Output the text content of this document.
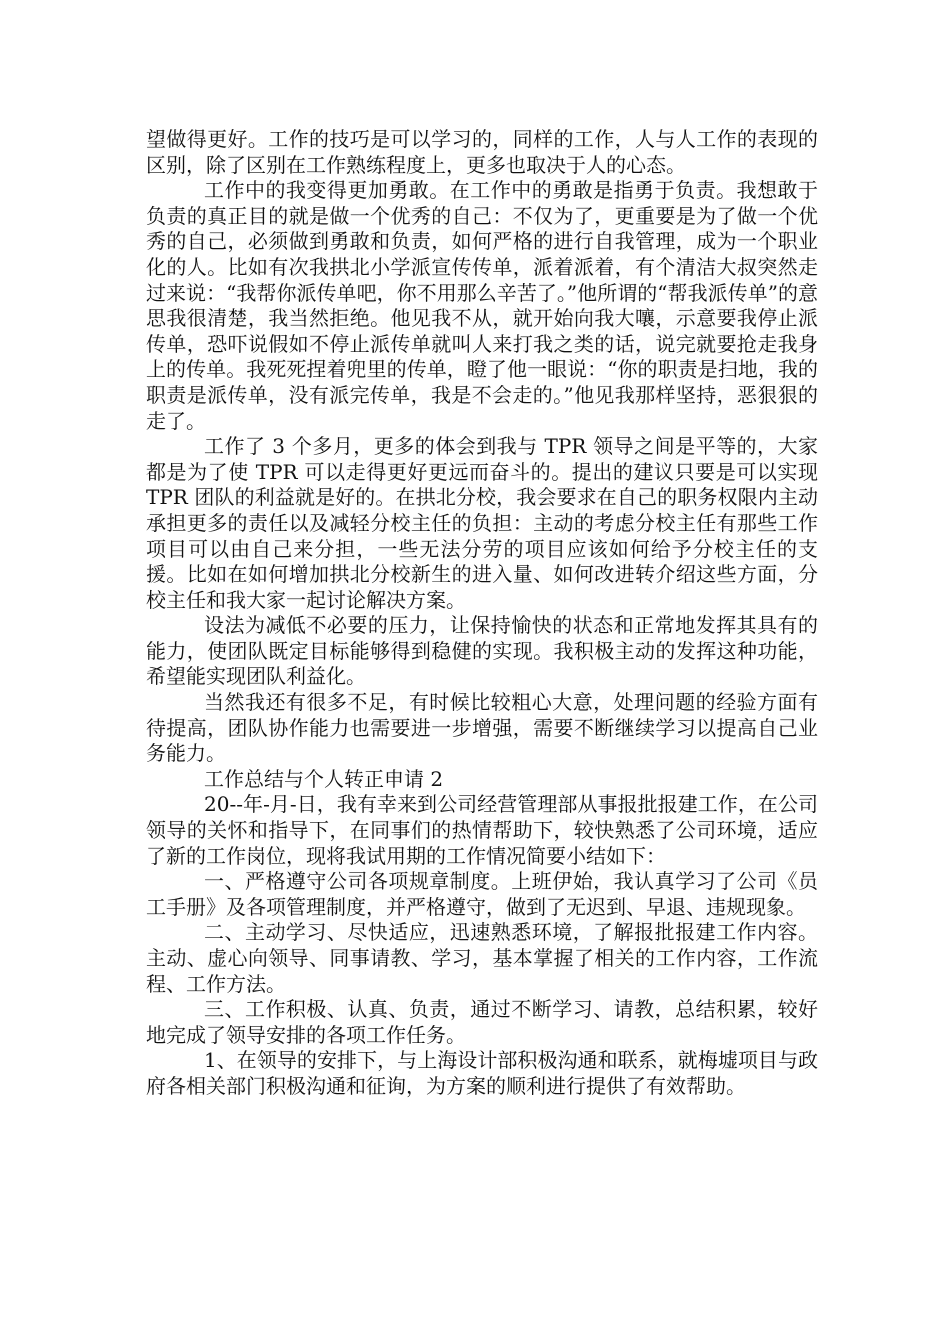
望做得更好。工作的技巧是可以学习的，同样的工作，人与人工作的表现的区别，除了区别在工作熟练程度上，更多也取决于人的心态。

工作中的我变得更加勇敢。在工作中的勇敢是指勇于负责。我想敢于负责的真正目的就是做一个优秀的自己：不仅为了，更重要是为了做一个优秀的自己，必须做到勇敢和负责，如何严格的进行自我管理，成为一个职业化的人。比如有次我拱北小学派宣传传单，派着派着，有个清洁大叔突然走过来说：“我帮你派传单吧，你不用那么辛苦了。”他所谓的“帮我派传单”的意思我很清楚，我当然拒绝。他见我不从，就开始向我大嚷，示意要我停止派传单，恐吓说假如不停止派传单就叫人来打我之类的话，说完就要抢走我身上的传单。我死死捏着兜里的传单，瞪了他一眼说：“你的职责是扫地，我的职责是派传单，没有派完传单，我是不会走的。”他见我那样坚持，恶狠狠的走了。

工作了 3 个多月，更多的体会到我与 TPR 领导之间是平等的，大家都是为了使 TPR 可以走得更好更远而奋斗的。提出的建议只要是可以实现 TPR 团队的利益就是好的。在拱北分校，我会要求在自己的职务权限内主动承担更多的责任以及减轻分校主任的负担：主动的考虑分校主任有那些工作项目可以由自己来分担，一些无法分劳的项目应该如何给予分校主任的支援。比如在如何增加拱北分校新生的进入量、如何改进转介绍这些方面，分校主任和我大家一起讨论解决方案。

设法为减低不必要的压力，让保持愉快的状态和正常地发挥其具有的能力，使团队既定目标能够得到稳健的实现。我积极主动的发挥这种功能，希望能实现团队利益化。

当然我还有很多不足，有时候比较粗心大意，处理问题的经验方面有待提高，团队协作能力也需要进一步增强，需要不断继续学习以提高自己业务能力。

工作总结与个人转正申请 2

20--年-月-日，我有幸来到公司经营管理部从事报批报建工作，在公司领导的关怀和指导下，在同事们的热情帮助下，较快熟悉了公司环境，适应了新的工作岗位，现将我试用期的工作情况简要小结如下：

一、严格遵守公司各项规章制度。上班伊始，我认真学习了公司《员工手册》及各项管理制度，并严格遵守，做到了无迟到、早退、违规现象。

二、主动学习、尽快适应，迅速熟悉环境，了解报批报建工作内容。主动、虚心向领导、同事请教、学习，基本掌握了相关的工作内容，工作流程、工作方法。

三、工作积极、认真、负责，通过不断学习、请教，总结积累，较好地完成了领导安排的各项工作任务。

1、在领导的安排下，与上海设计部积极沟通和联系，就梅墟项目与政府各相关部门积极沟通和征询，为方案的顺利进行提供了有效帮助。
